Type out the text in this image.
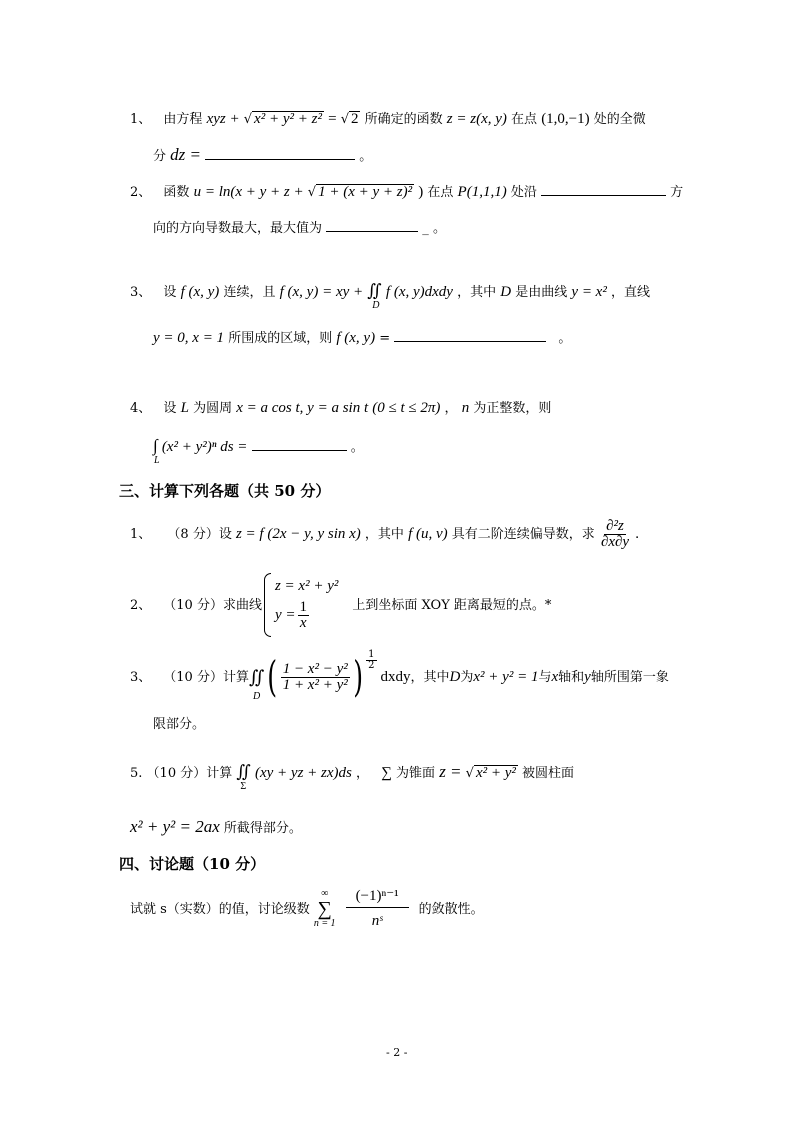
1、 由方程 xyz + √ x² + y² + z² = √ 2 所确定的函数 z = z(x, y) 在点 (1,0,−1) 处的全微
分 dz =	。
2、 函数 u = ln(x + y + z + √ 1 + (x + y + z)² ) 在点 P(1,1,1) 处沿	方
向的方向导数最大，最大值为	_ 。
3、 设 f (x, y) 连续，且 f (x, y) = xy + ∬
D
f (x, y)dxdy ，其中 D 是由曲线 y = x² ，直线
y = 0, x = 1 所围成的区域，则 f (x, y) =	。
4、 设 L 为圆周 x = a cos t, y = a sin t (0 ≤ t ≤ 2π) ， n 为正整数，则
∫
L
(x² + y²)ⁿ ds =	。
三、计算下列各题（共 50 分）
1、 （8 分）设 z = f (2x − y, y sin x) ，其中 f (u, v) 具有二阶连续偏导数，求 $\frac{\text{∂²z}}{\partial x\partial y}$ .
2、 （10 分）求曲线
z = x² + y²
$y = \frac{1}{x}$	上到坐标面 XOY 距离最短的点。*
3、 （10 分）计算 ∬
D ( $\frac{\text{1 − x² − y²}}{\text{1 + x² + y²}}$ ) $\frac{1}{2}$
dxdy ，其中 D 为 x² + y² = 1 与 x 轴和 y 轴所围第一象
限部分。
5. （10 分）计算 ∬
Σ
(xy + yz + zx)ds ， ∑ 为锥面 z = √ x² + y² 被圆柱面
x² + y² = 2ax 所截得部分。
四、讨论题（10 分）
试就 s（实数）的值，讨论级数
∞
∑
$n = 1 \frac{\text{(−1)ⁿ⁻¹}}{\text{nˢ}}$ 的敛散性。
- 2 -
